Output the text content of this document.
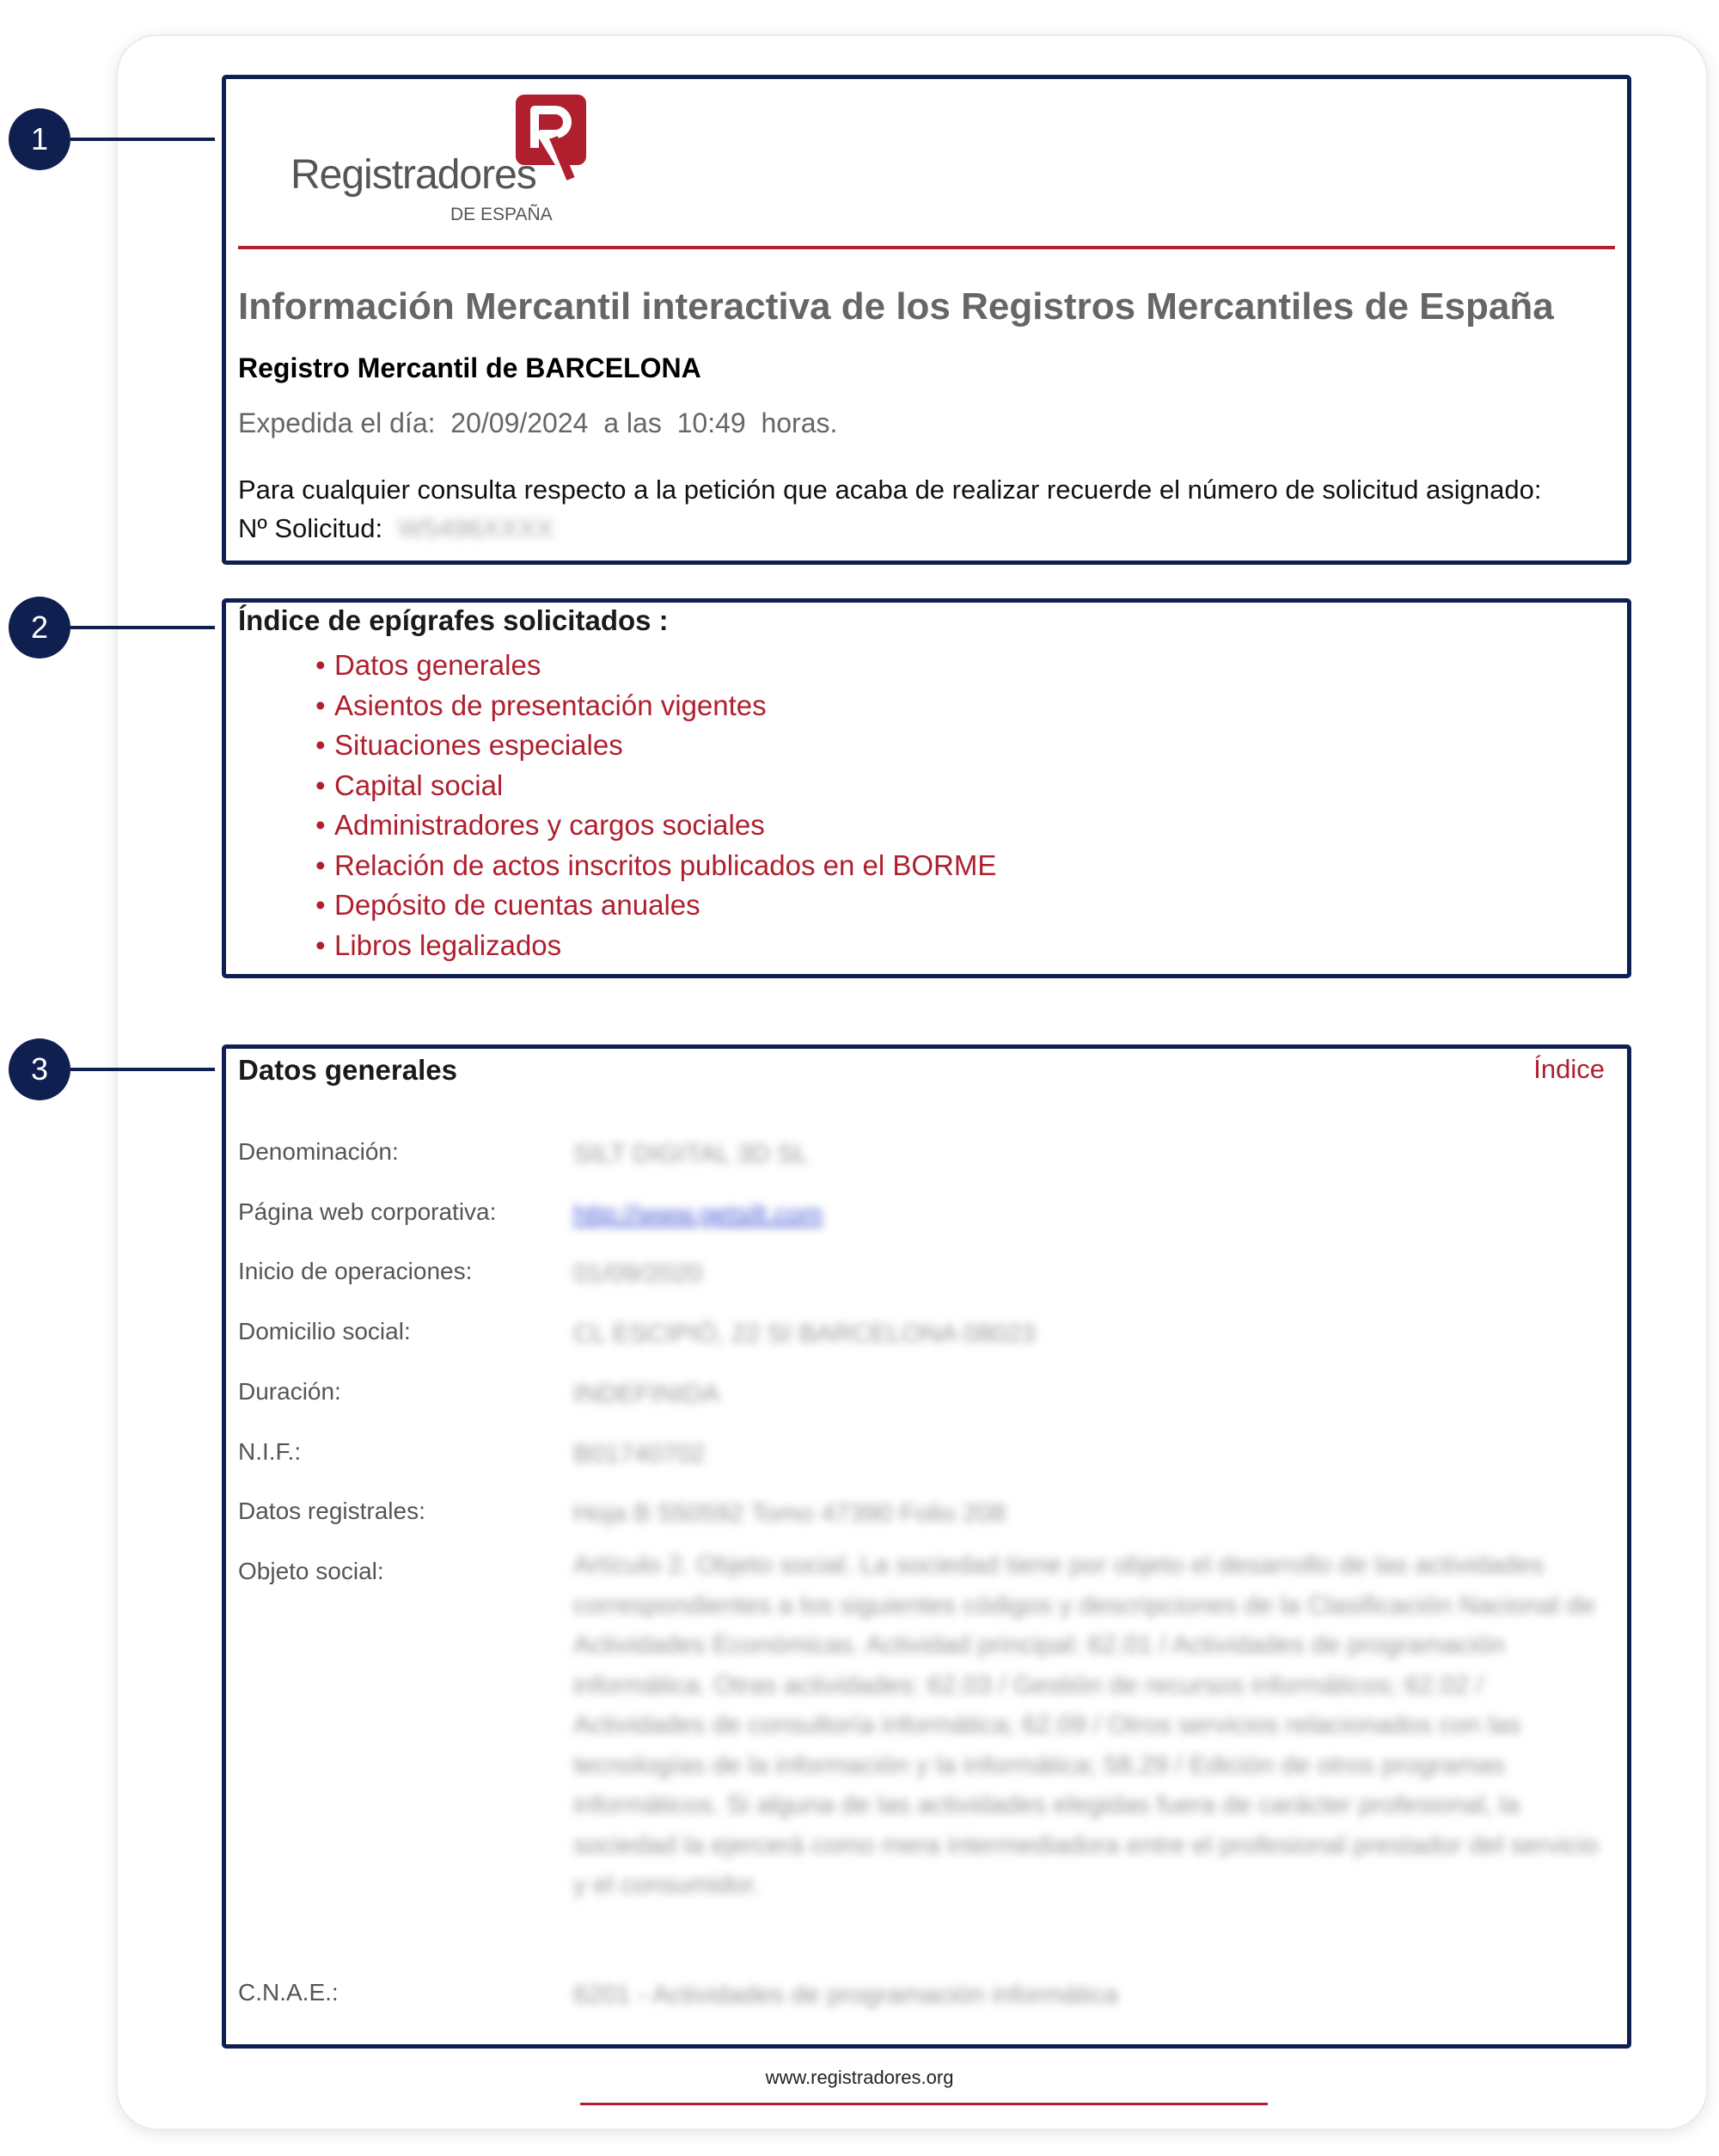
1
2
3
Registradores
DE ESPAÑA
Información Mercantil interactiva de los Registros Mercantiles de España
Registro Mercantil de BARCELONA
Expedida el día:  20/09/2024  a las  10:49  horas.
Para cualquier consulta respecto a la petición que acaba de realizar recuerde el número de solicitud asignado:
Nº Solicitud: W5496XXXX
Índice de epígrafes solicitados :
• Datos generales
• Asientos de presentación vigentes
• Situaciones especiales
• Capital social
• Administradores y cargos sociales
• Relación de actos inscritos publicados en el BORME
• Depósito de cuentas anuales
• Libros legalizados
Datos generales	Índice
Denominación:	SILT DIGITAL 3D SL
Página web corporativa:	http://www.getsilt.com
Inicio de operaciones:	01/09/2020
Domicilio social:	CL ESCIPIÓ, 22 SI BARCELONA 08023
Duración:	INDEFINIDA
N.I.F.:	B01740702
Datos registrales:	Hoja B 550592 Tomo 47390 Folio 208
Objeto social:	Artículo 2. Objeto social. La sociedad tiene por objeto el desarrollo de las actividades correspondientes a los siguientes códigos y descripciones de la Clasificación Nacional de Actividades Económicas. Actividad principal: 62.01 / Actividades de programación informática. Otras actividades: 62.03 / Gestión de recursos informáticos; 62.02 / Actividades de consultoría informática; 62.09 / Otros servicios relacionados con las tecnologías de la información y la informática; 58.29 / Edición de otros programas informáticos. Si alguna de las actividades elegidas fuera de carácter profesional, la sociedad la ejercerá como mera intermediadora entre el profesional prestador del servicio y el consumidor.
C.N.A.E.:	6201 - Actividades de programación informática
www.registradores.org
